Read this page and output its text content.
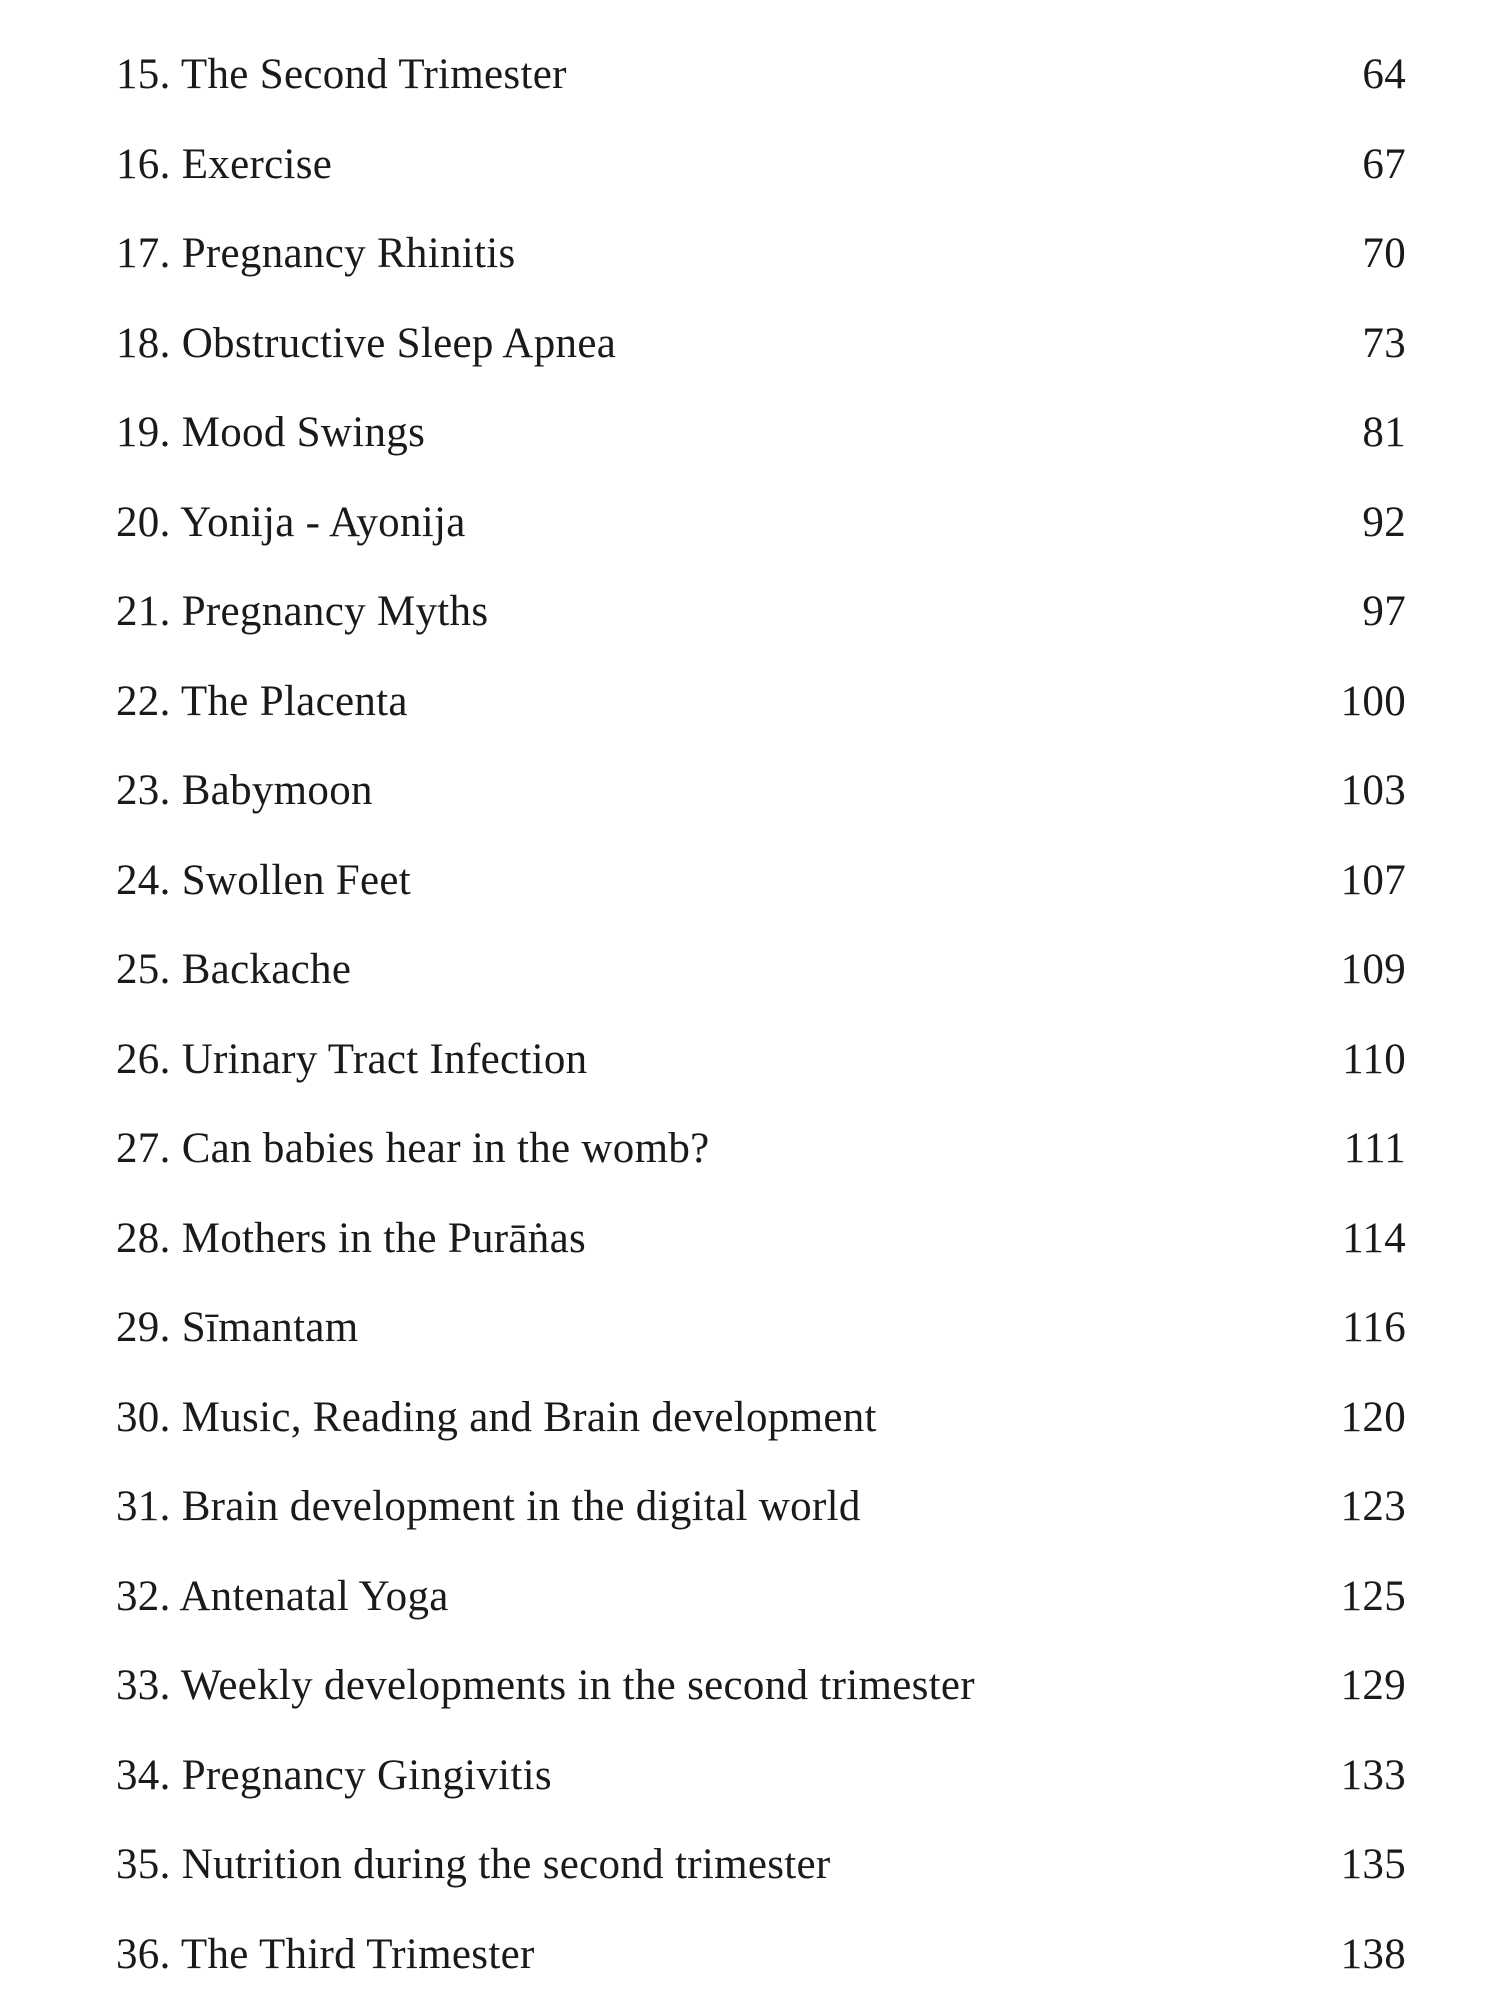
15. The Second Trimester	64
16. Exercise	67
17. Pregnancy Rhinitis	70
18. Obstructive Sleep Apnea	73
19. Mood Swings	81
20. Yonija - Ayonija	92
21. Pregnancy Myths	97
22. The Placenta	100
23. Babymoon	103
24. Swollen Feet	107
25. Backache	109
26. Urinary Tract Infection	110
27. Can babies hear in the womb?	111
28. Mothers in the Purāṅas	114
29. Sīmantam	116
30. Music, Reading and Brain development	120
31. Brain development in the digital world	123
32. Antenatal Yoga	125
33. Weekly developments in the second trimester	129
34. Pregnancy Gingivitis	133
35. Nutrition during the second trimester	135
36. The Third Trimester	138
